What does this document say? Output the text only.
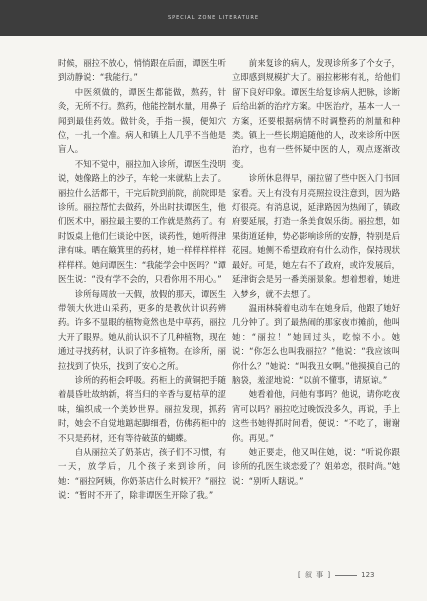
SPECIAL ZONE LITERATURE

时候，丽拉不放心，悄悄跟在后面，谭医生听到动静说：“我能行。”

中医须做的，谭医生都能做，熬药，针灸，无所不行。熬药，他能控制水量，用鼻子闻到最佳药效。做针灸，手指一摸，便知穴位，一扎一个准。病人和镇上人几乎不当他是盲人。

不知不觉中，丽拉加入诊所，谭医生没明说，她像路上的沙子，车轮一来就粘上去了。丽拉什么活都干，干完后院到前院，前院即是诊所。丽拉帮忙去做药，外出时扶谭医生，他们医术中，丽拉最主要的工作就是熬药了。有时饭桌上他们仨谈论中医，谈药性，她听得津津有味。晒在簸箕里的药材，她一样样样样样样样样。她问谭医生：“我能学会中医吗？”谭医生说：“没有学不会的，只看你用不用心。”

诊所每周放一天假，放假的那天，谭医生带领大伙进山采药，更多的是教伙计识药辨药。许多不显眼的植物竟然也是中草药，丽拉大开了眼界。她从前认识不了几种植物，现在通过寻找药材，认识了许多植物。在诊所，丽拉找到了快乐，找到了安心之所。

诊所的药柜会呼吸。药柜上的黄铜把手随着晨昏吐故纳新，将当归的辛香与夏枯草的涩味，编织成一个美妙世界。丽拉发现，抓药时，她会不自觉地踮起脚细看，仿佛药柜中的不只是药材，还有等待破茧的蝴蝶。

自从丽拉关了奶茶店，孩子们不习惯，有一天，放学后，几个孩子来到诊所，问她：“丽拉阿姨，你奶茶店什么时候开？”丽拉说：“暂时不开了，除非谭医生开除了我。”

前来复诊的病人，发现诊所多了个女子，立即感到规模扩大了。丽拉彬彬有礼，给他们留下良好印象。谭医生给复诊病人把脉，诊断后给出新的治疗方案。中医治疗，基本一人一方案，还要根据病情不时调整药的剂量和种类。镇上一些长期追随他的人，改来诊所中医治疗，也有一些怀疑中医的人，观点逐渐改变。

诊所休息得早，丽拉留了些中医入门书回家看。天上有没有月亮照拉设注意到，因为路灯很亮。有消息说，延津路因为热闹了，镇政府要延展，打造一条美食娱乐街。丽拉想，如果街道延伸，势必影响诊所的安静，特别是后花园。她侧不希望政府有什么动作，保持现状最好。可是，她左右不了政府，或许发展后，延津街会是另一番美丽景象。想着想着，她进入梦乡，就不去想了。

温雨林骑着电动车在她身后，他跟了她好几分钟了。到了最热闹的那家夜市摊前，他叫她：“丽拉！”她回过头，吃惊不小。她说：“你怎么也叫我丽拉？”他说：“我应该叫你什么？”她说：“叫我丑女啊。”他摸摸自己的脑袋，羞涩地说：“以前不懂事，请原谅。”

她看着他，问他有事吗？他说，请你吃夜宵可以吗？丽拉吃过晚饭没多久，再说，手上这些书她得抓时间看，便说：“不吃了，谢谢你。再见。”

她正要走，他又叫住她，说：“听说你跟诊所的孔医生谈恋爱了？姐弟恋，很时尚。”她说：“别听人瞎说。”

[ 叙 事 ]	123
